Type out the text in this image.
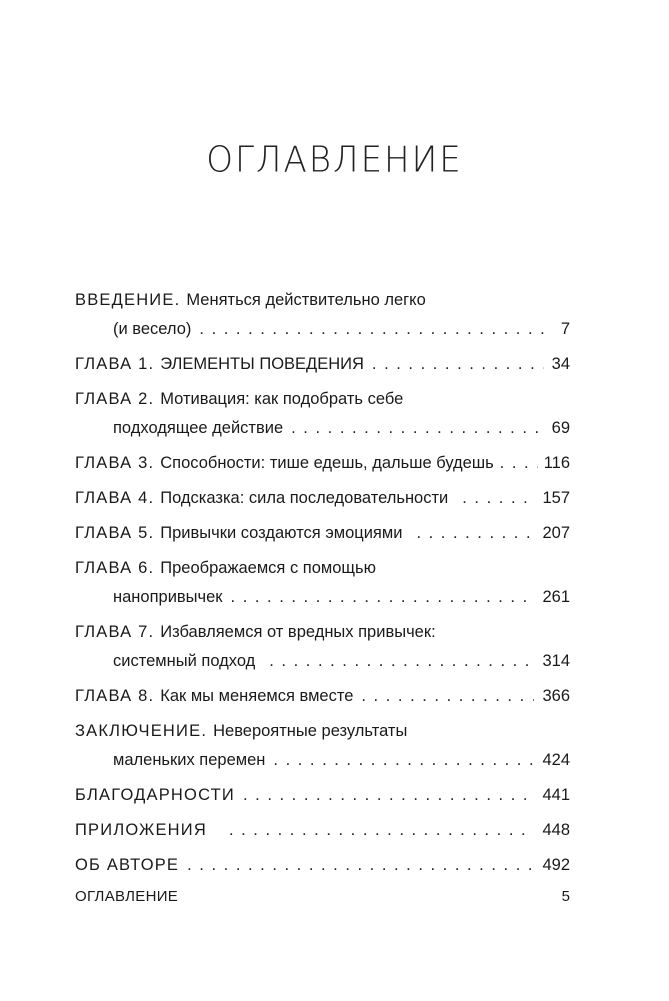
ОГЛАВЛЕНИЕ
ВВЕДЕНИЕ. Меняться действительно легко
(и весело) . . .	7
ГЛАВА 1. ЭЛЕМЕНТЫ ПОВЕДЕНИЯ . . .	34
ГЛАВА 2. Мотивация: как подобрать себе
подходящее действие . . .	69
ГЛАВА 3. Способности: тише едешь, дальше будешь . . .	116
ГЛАВА 4. Подсказка: сила последовательности . . .	157
ГЛАВА 5. Привычки создаются эмоциями . . .	207
ГЛАВА 6. Преображаемся с помощью
нанопривычек . . .	261
ГЛАВА 7. Избавляемся от вредных привычек:
системный подход . . .	314
ГЛАВА 8. Как мы меняемся вместе . . .	366
ЗАКЛЮЧЕНИЕ. Невероятные результаты
маленьких перемен . . .	424
БЛАГОДАРНОСТИ . . .	441
ПРИЛОЖЕНИЯ . . .	448
ОБ АВТОРЕ . . .	492
ОГЛАВЛЕНИЕ	5
